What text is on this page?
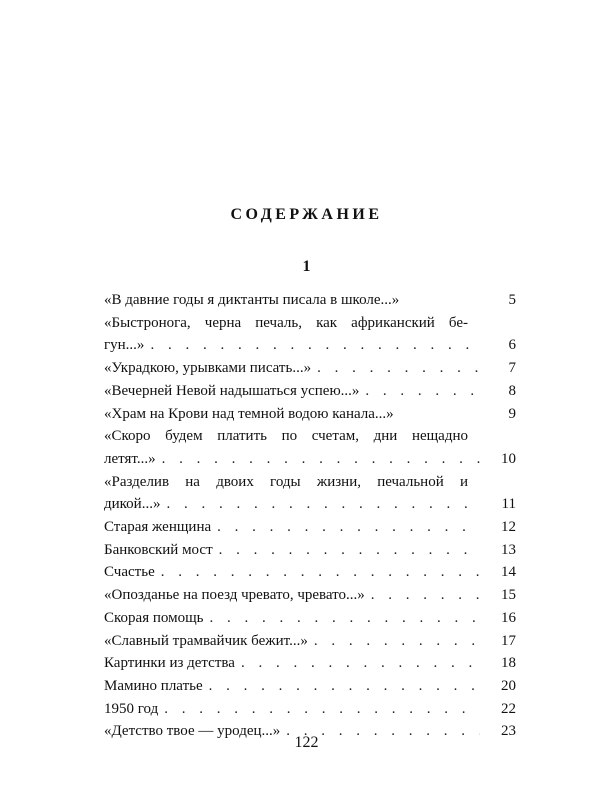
СОДЕРЖАНИЕ
1
«В давние годы я диктанты писала в школе...»	5
«Быстронога, черна печаль, как африканский бе-
гун...» . . .	6
«Украдкою, урывками писать...» . . .	7
«Вечерней Невой надышаться успею...» . . .	8
«Храм на Крови над темной водою канала...»	9
«Скоро будем платить по счетам, дни нещадно
летят...» . . .	10
«Разделив на двоих годы жизни, печальной и
дикой...» . . .	11
Старая женщина . . .	12
Банковский мост . . .	13
Счастье . . .	14
«Опозданье на поезд чревато, чревато...» . . .	15
Скорая помощь . . .	16
«Славный трамвайчик бежит...» . . .	17
Картинки из детства . . .	18
Мамино платье . . .	20
1950 год . . .	22
«Детство твое — уродец...» . . .	23
122
